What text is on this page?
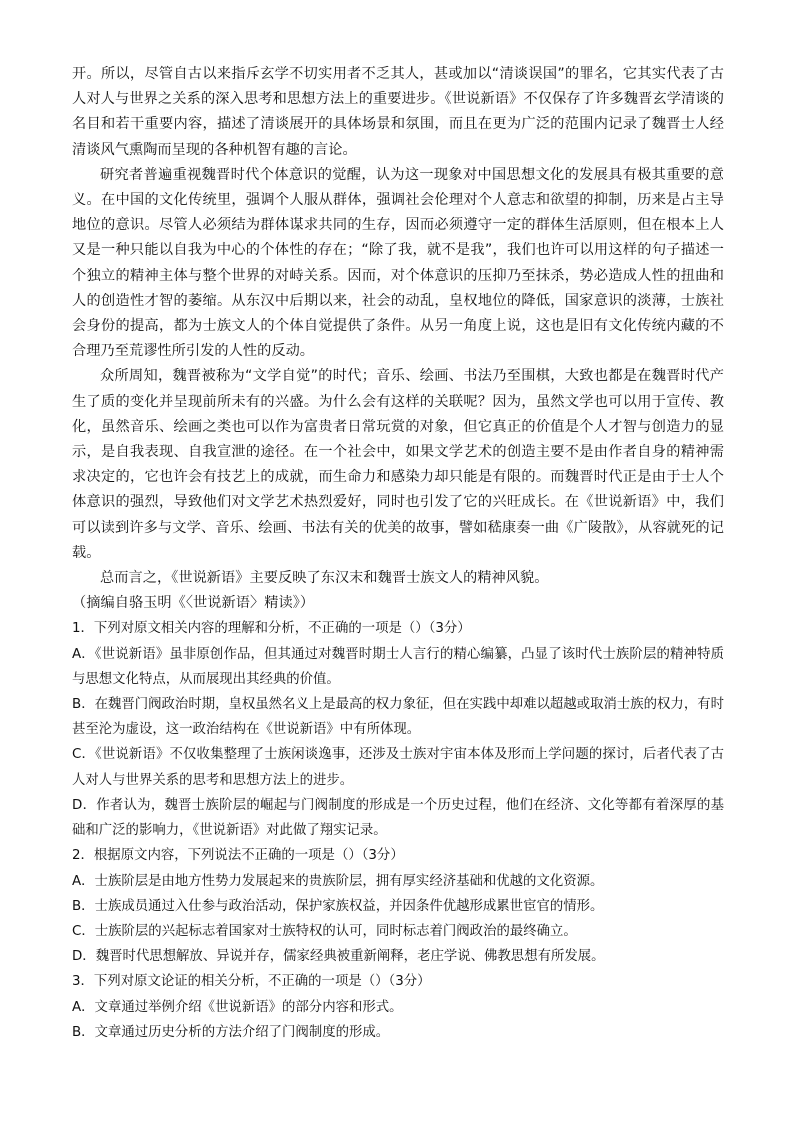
开。所以，尽管自古以来指斥玄学不切实用者不乏其人，甚或加以“清谈误国”的罪名，它其实代表了古人对人与世界之关系的深入思考和思想方法上的重要进步。《世说新语》不仅保存了许多魏晋玄学清谈的名目和若干重要内容，描述了清谈展开的具体场景和氛围，而且在更为广泛的范围内记录了魏晋士人经清谈风气熏陶而呈现的各种机智有趣的言论。

研究者普遍重视魏晋时代个体意识的觉醒，认为这一现象对中国思想文化的发展具有极其重要的意义。在中国的文化传统里，强调个人服从群体，强调社会伦理对个人意志和欲望的抑制，历来是占主导地位的意识。尽管人必须结为群体谋求共同的生存，因而必须遵守一定的群体生活原则，但在根本上人又是一种只能以自我为中心的个体性的存在；“除了我，就不是我”，我们也许可以用这样的句子描述一个独立的精神主体与整个世界的对峙关系。因而，对个体意识的压抑乃至抹杀，势必造成人性的扭曲和人的创造性才智的萎缩。从东汉中后期以来，社会的动乱，皇权地位的降低，国家意识的淡薄，士族社会身份的提高，都为士族文人的个体自觉提供了条件。从另一角度上说，这也是旧有文化传统内藏的不合理乃至荒谬性所引发的人性的反动。

众所周知，魏晋被称为“文学自觉”的时代；音乐、绘画、书法乃至围棋，大致也都是在魏晋时代产生了质的变化并呈现前所未有的兴盛。为什么会有这样的关联呢？因为，虽然文学也可以用于宣传、教化，虽然音乐、绘画之类也可以作为富贵者日常玩赏的对象，但它真正的价值是个人才智与创造力的显示，是自我表现、自我宣泄的途径。在一个社会中，如果文学艺术的创造主要不是由作者自身的精神需求决定的，它也许会有技艺上的成就，而生命力和感染力却只能是有限的。而魏晋时代正是由于士人个体意识的强烈，导致他们对文学艺术热烈爱好，同时也引发了它的兴旺成长。在《世说新语》中，我们可以读到许多与文学、音乐、绘画、书法有关的优美的故事，譬如嵇康奏一曲《广陵散》，从容就死的记载。

总而言之，《世说新语》主要反映了东汉末和魏晋士族文人的精神风貌。

（摘编自骆玉明《〈世说新语〉精读》）

1．下列对原文相关内容的理解和分析，不正确的一项是（）（3分）

A．《世说新语》虽非原创作品，但其通过对魏晋时期士人言行的精心编纂，凸显了该时代士族阶层的精神特质与思想文化特点，从而展现出其经典的价值。

B．在魏晋门阀政治时期，皇权虽然名义上是最高的权力象征，但在实践中却难以超越或取消士族的权力，有时甚至沦为虚设，这一政治结构在《世说新语》中有所体现。

C．《世说新语》不仅收集整理了士族闲谈逸事，还涉及士族对宇宙本体及形而上学问题的探讨，后者代表了古人对人与世界关系的思考和思想方法上的进步。

D．作者认为，魏晋士族阶层的崛起与门阀制度的形成是一个历史过程，他们在经济、文化等都有着深厚的基础和广泛的影响力，《世说新语》对此做了翔实记录。

2．根据原文内容，下列说法不正确的一项是（）（3分）

A．士族阶层是由地方性势力发展起来的贵族阶层，拥有厚实经济基础和优越的文化资源。

B．士族成员通过入仕参与政治活动，保护家族权益，并因条件优越形成累世宦官的情形。

C．士族阶层的兴起标志着国家对士族特权的认可，同时标志着门阀政治的最终确立。

D．魏晋时代思想解放、异说并存，儒家经典被重新阐释，老庄学说、佛教思想有所发展。

3．下列对原文论证的相关分析，不正确的一项是（）（3分）

A．文章通过举例介绍《世说新语》的部分内容和形式。

B．文章通过历史分析的方法介绍了门阀制度的形成。
